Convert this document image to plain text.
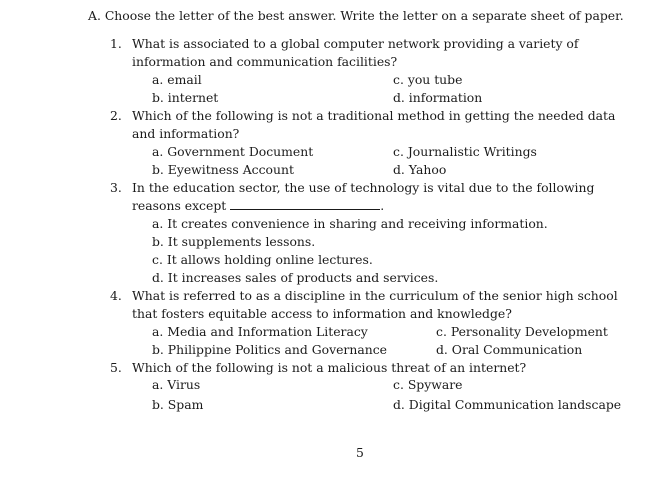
A. Choose the letter of the best answer. Write the letter on a separate sheet of paper.
1. What is associated to a global computer network providing a variety of
information and communication facilities?
a. email	c. you tube
b. internet	d. information
2. Which of the following is not a traditional method in getting the needed data
and information?
a. Government Document	c. Journalistic Writings
b. Eyewitness Account	d. Yahoo
3. In the education sector, the use of technology is vital due to the following
reasons except	.
a. It creates convenience in sharing and receiving information.
b. It supplements lessons.
c. It allows holding online lectures.
d. It increases sales of products and services.
4. What is referred to as a discipline in the curriculum of the senior high school
that fosters equitable access to information and knowledge?
a. Media and Information Literacy	c. Personality Development
b. Philippine Politics and Governance	d. Oral Communication
5. Which of the following is not a malicious threat of an internet?
a. Virus	c. Spyware
b. Spam	d. Digital Communication landscape
5
